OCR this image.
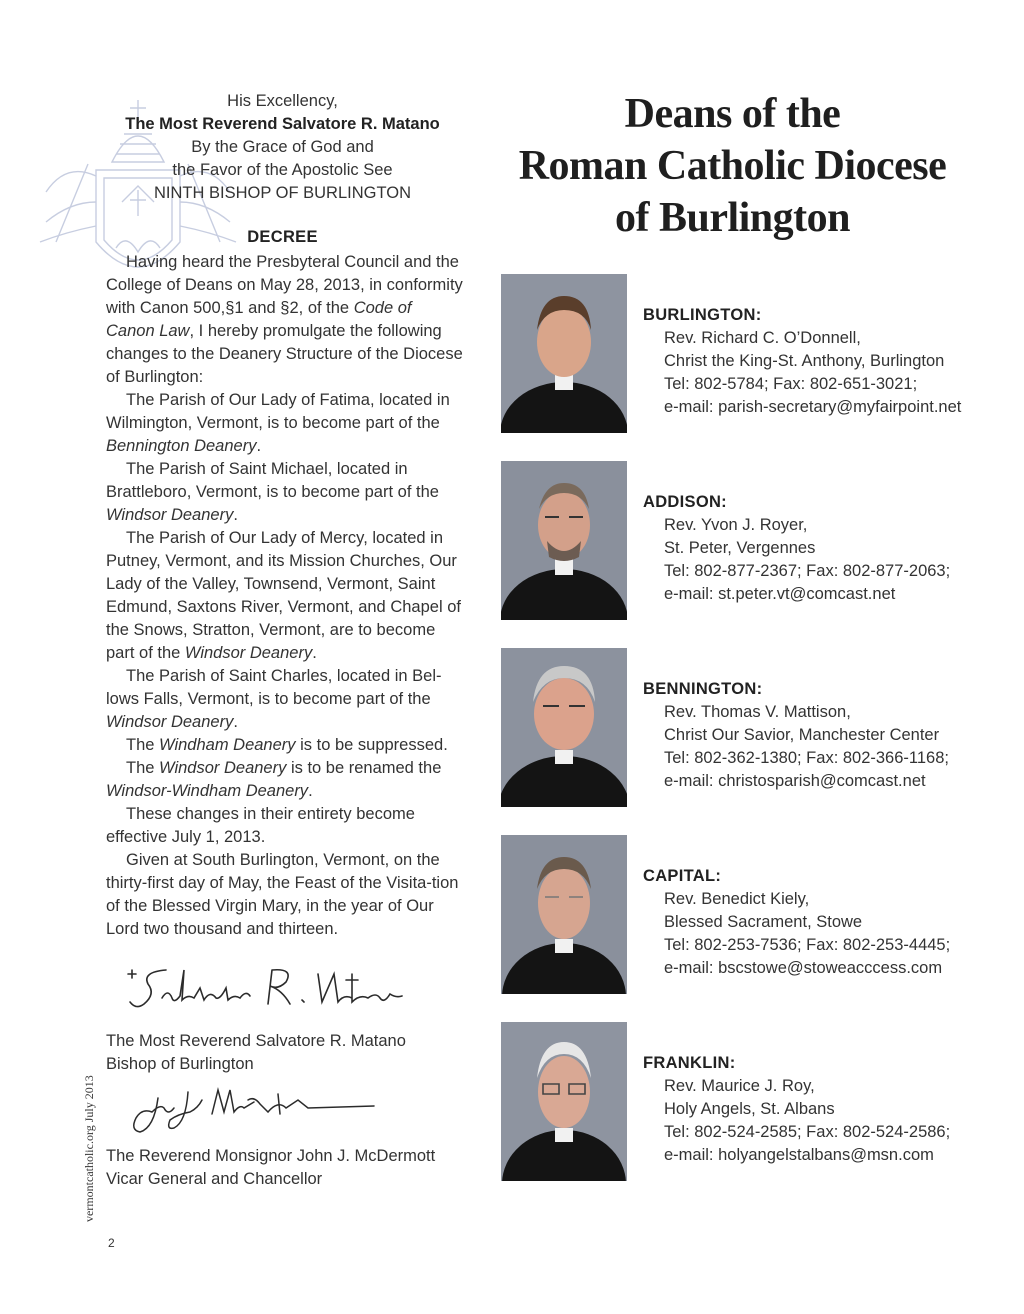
His Excellency,
The Most Reverend Salvatore R. Matano
By the Grace of God and
the Favor of the Apostolic See
NINTH BISHOP OF BURLINGTON
DECREE

Having heard the Presbyteral Council and the College of Deans on May 28, 2013, in conformity with Canon 500,§1 and §2, of the Code of Canon Law, I hereby promulgate the following changes to the Deanery Structure of the Diocese of Burlington:

The Parish of Our Lady of Fatima, located in Wilmington, Vermont, is to become part of the Bennington Deanery.

The Parish of Saint Michael, located in Brattleboro, Vermont, is to become part of the Windsor Deanery.

The Parish of Our Lady of Mercy, located in Putney, Vermont, and its Mission Churches, Our Lady of the Valley, Townsend, Vermont, Saint Edmund, Saxtons River, Vermont, and Chapel of the Snows, Stratton, Vermont, are to become part of the Windsor Deanery.

The Parish of Saint Charles, located in Bel-lows Falls, Vermont, is to become part of the Windsor Deanery.

The Windham Deanery is to be suppressed.

The Windsor Deanery is to be renamed the Windsor-Windham Deanery.

These changes in their entirety become effective July 1, 2013.

Given at South Burlington, Vermont, on the thirty-first day of May, the Feast of the Visita-tion of the Blessed Virgin Mary, in the year of Our Lord two thousand and thirteen.

The Most Reverend Salvatore R. Matano
Bishop of Burlington
The Reverend Monsignor John J. McDermott
Vicar General and Chancellor
vermontcatholic.org July 2013
2
Deans of the
Roman Catholic Diocese
of Burlington
BURLINGTON:
Rev. Richard C. O’Donnell,
Christ the King-St. Anthony, Burlington
Tel: 802-5784; Fax: 802-651-3021;
e-mail: parish-secretary@myfairpoint.net
ADDISON:
Rev. Yvon J. Royer,
St. Peter, Vergennes
Tel: 802-877-2367; Fax: 802-877-2063;
e-mail: st.peter.vt@comcast.net
BENNINGTON:
Rev. Thomas V. Mattison,
Christ Our Savior, Manchester Center
Tel: 802-362-1380; Fax: 802-366-1168;
e-mail: christosparish@comcast.net
CAPITAL:
Rev. Benedict Kiely,
Blessed Sacrament, Stowe
Tel: 802-253-7536; Fax: 802-253-4445;
e-mail: bscstowe@stoweacccess.com
FRANKLIN:
Rev. Maurice J. Roy,
Holy Angels, St. Albans
Tel: 802-524-2585; Fax: 802-524-2586;
e-mail: holyangelstalbans@msn.com
